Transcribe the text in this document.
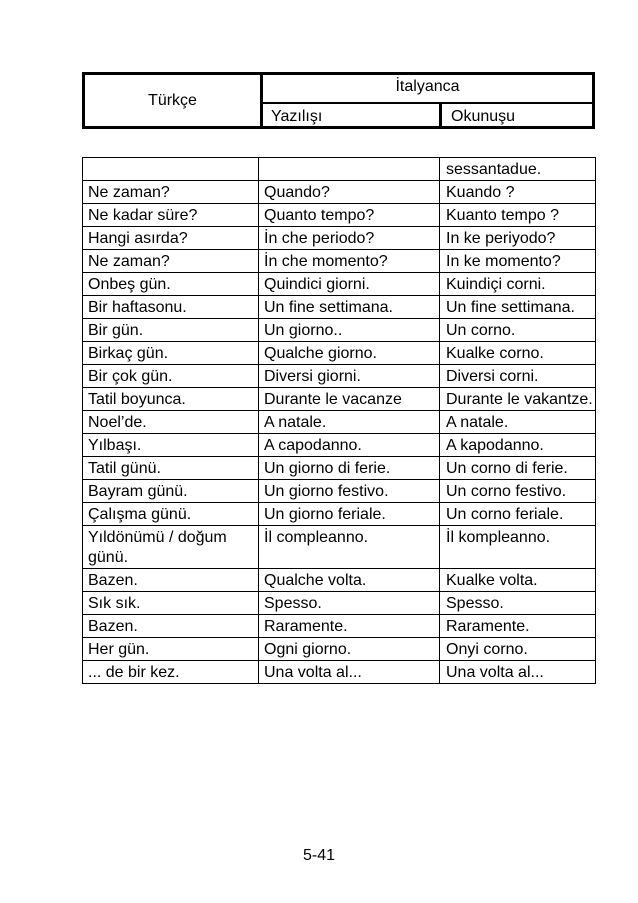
Türkçe
İtalyanca
Yazılışı	Okunuşu
		sessantadue.
Ne zaman?	Quando?	Kuando ?
Ne kadar süre?	Quanto tempo?	Kuanto tempo ?
Hangi asırda?	İn che periodo?	In ke periyodo?
Ne zaman?	İn che momento?	In ke momento?
Onbeş gün.	Quindici giorni.	Kuindiçi corni.
Bir haftasonu.	Un fine settimana.	Un fine settimana.
Bir gün.	Un giorno..	Un corno.
Birkaç gün.	Qualche giorno.	Kualke corno.
Bir çok gün.	Diversi giorni.	Diversi corni.
Tatil boyunca.	Durante le vacanze	Durante le vakantze.
Noel’de.	A natale.	A natale.
Yılbaşı.	A capodanno.	A kapodanno.
Tatil günü.	Un giorno di ferie.	Un corno di ferie.
Bayram günü.	Un giorno festivo.	Un corno festivo.
Çalışma günü.	Un giorno feriale.	Un corno feriale.
Yıldönümü / doğum günü.	İl compleanno.	İl kompleanno.
Bazen.	Qualche volta.	Kualke volta.
Sık sık.	Spesso.	Spesso.
Bazen.	Raramente.	Raramente.
Her gün.	Ogni giorno.	Onyi corno.
... de bir kez.	Una volta al...	Una volta al...
5-41
